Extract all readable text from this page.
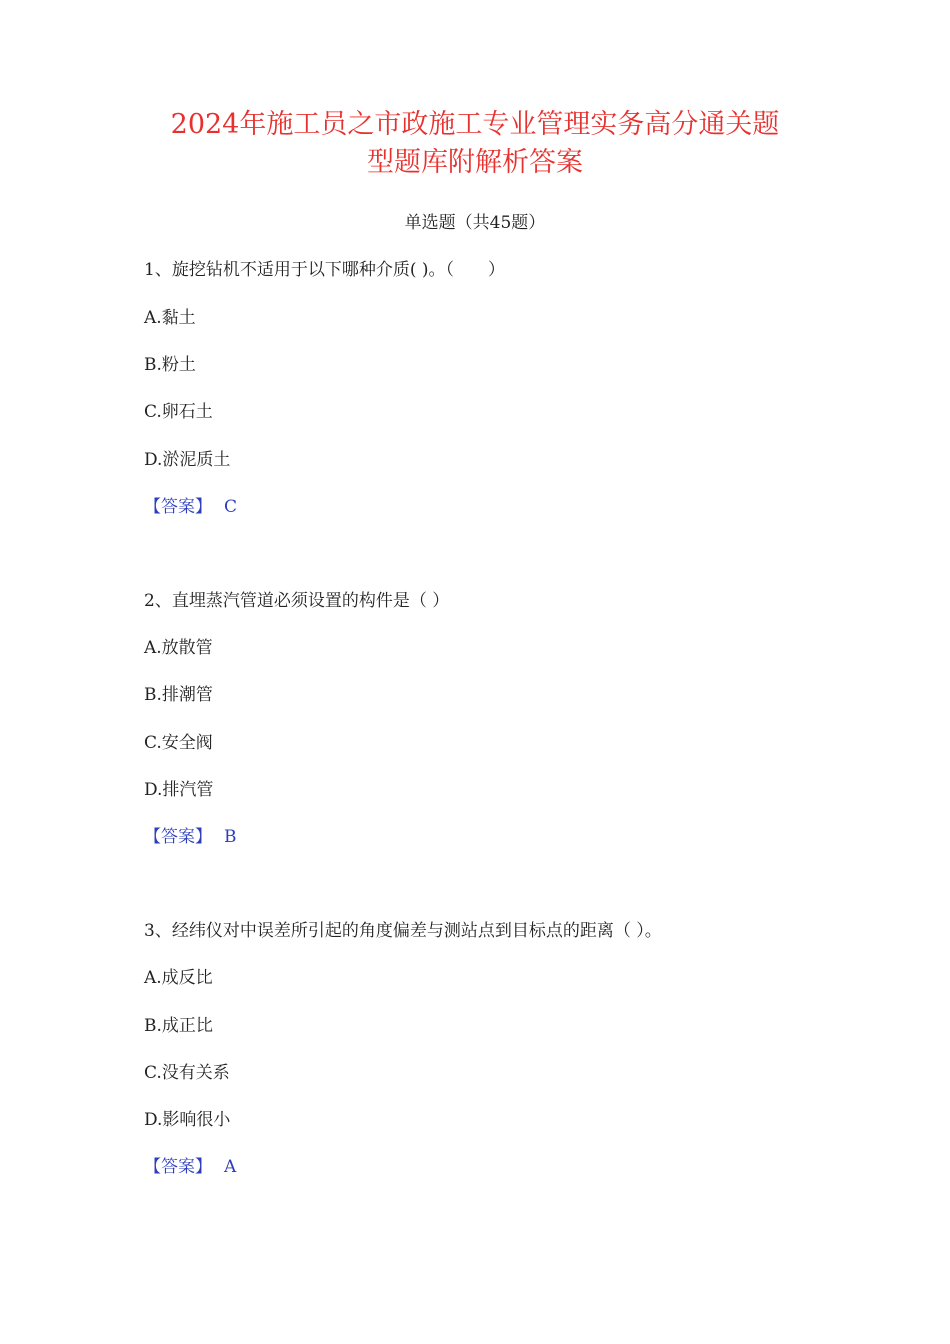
2024年施工员之市政施工专业管理实务高分通关题
型题库附解析答案
单选题（共45题）
1、旋挖钻机不适用于以下哪种介质( )。（　　）
A.黏土
B.粉土
C.卵石土
D.淤泥质土
【答案】 C
2、直埋蒸汽管道必须设置的构件是（ ）
A.放散管
B.排潮管
C.安全阀
D.排汽管
【答案】 B
3、经纬仪对中误差所引起的角度偏差与测站点到目标点的距离（ ）。
A.成反比
B.成正比
C.没有关系
D.影响很小
【答案】 A
